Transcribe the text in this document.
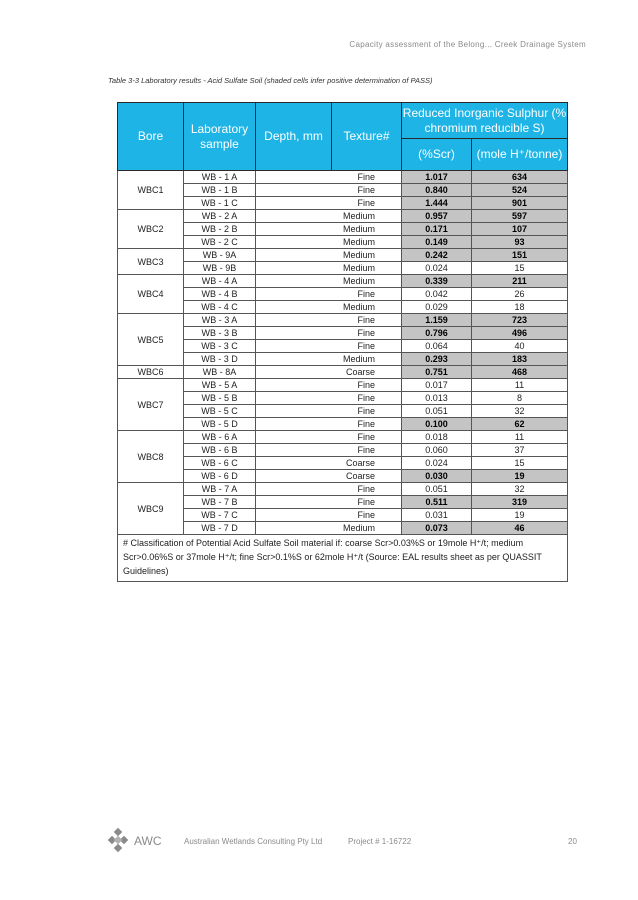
Capacity assessment of the Belong... Creek Drainage System
Table 3-3 Laboratory results - Acid Sulfate Soil (shaded cells infer positive determination of PASS)
Bore	Laboratory sample	Depth, mm	Texture#	Reduced Inorganic Sulphur (% chromium reducible S)	
				(%Scr)	(mole H⁺/tonne)
WBC1	WB - 1 A	Fine		1.017	634
	WB - 1 B	Fine		0.840	524
	WB - 1 C	Fine		1.444	901
WBC2	WB - 2 A	Medium		0.957	597
	WB - 2 B	Medium		0.171	107
	WB - 2 C	Medium		0.149	93
WBC3	WB - 9A	Medium		0.242	151
	WB - 9B	Medium		0.024	15
WBC4	WB - 4 A	Medium		0.339	211
	WB - 4 B	Fine		0.042	26
	WB - 4 C	Medium		0.029	18
WBC5	WB - 3 A	Fine		1.159	723
	WB - 3 B	Fine		0.796	496
	WB - 3 C	Fine		0.064	40
	WB - 3 D	Medium		0.293	183
WBC6	WB - 8A	Coarse		0.751	468
WBC7	WB - 5 A	Fine		0.017	11
	WB - 5 B	Fine		0.013	8
	WB - 5 C	Fine		0.051	32
	WB - 5 D	Fine		0.100	62
WBC8	WB - 6 A	Fine		0.018	11
	WB - 6 B	Fine		0.060	37
	WB - 6 C	Coarse		0.024	15
	WB - 6 D	Coarse		0.030	19
WBC9	WB - 7 A	Fine		0.051	32
	WB - 7 B	Fine		0.511	319
	WB - 7 C	Fine		0.031	19
	WB - 7 D	Medium		0.073	46
# Classification of Potential Acid Sulfate Soil material if: coarse Scr>0.03%S or 19mole H⁺/t; medium Scr>0.06%S or 37mole H⁺/t; fine Scr>0.1%S or 62mole H⁺/t (Source: EAL results sheet as per QUASSIT Guidelines)					
AWC	Australian Wetlands Consulting Pty Ltd	Project # 1-16722	20
